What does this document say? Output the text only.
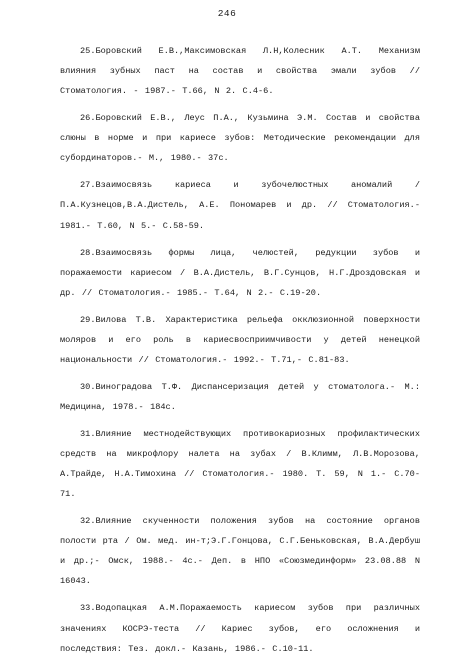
246

25.Боровский Е.В.,Максимовская Л.Н,Колесник А.Т. Механизм влияния зубных паст на состав и свойства эмали зубов // Стоматология. - 1987.- Т.66, N 2. С.4-6.

26.Боровский Е.В., Леус П.А., Кузьмина Э.М. Состав и свойства слюны в норме и при кариесе зубов: Методические рекомендации для субординаторов.- М., 1980.- 37с.

27.Взаимосвязь кариеса и зубочелюстных аномалий / П.А.Кузнецов,В.А.Дистель, А.Е. Пономарев и др. // Стоматология.- 1981.- Т.60, N 5.- С.58-59.

28.Взаимосвязь формы лица, челюстей, редукции зубов и поражаемости кариесом / В.А.Дистель, В.Г.Сунцов, Н.Г.Дроздовская и др. // Стоматология.- 1985.- Т.64, N 2.- С.19-20.

29.Вилова Т.В. Характеристика рельефа окклюзионной поверхности моляров и его роль в кариесвосприимчивости у детей ненецкой национальности // Стоматология.- 1992.- Т.71,- С.81-83.

30.Виноградова Т.Ф. Диспансеризация детей у стоматолога.- М.: Медицина, 1978.- 184с.

31.Влияние местнодействующих противокариозных профилактических средств на микрофлору налета на зубах / В.Климм, Л.В.Морозова, А.Трайде, Н.А.Тимохина // Стоматология.- 1980. Т. 59, N 1.- С.70-71.

32.Влияние скученности положения зубов на состояние органов полости рта / Ом. мед. ин-т;Э.Г.Гонцова, С.Г.Беньковская, В.А.Дербуш и др.;- Омск, 1988.- 4с.- Деп. в НПО «Союзмединформ» 23.08.88 N 16043.

33.Водопацкая А.М.Поражаемость кариесом зубов при различных значениях КОСРЭ-теста // Кариес зубов, его осложнения и последствия: Тез. докл.- Казань, 1986.- С.10-11.
